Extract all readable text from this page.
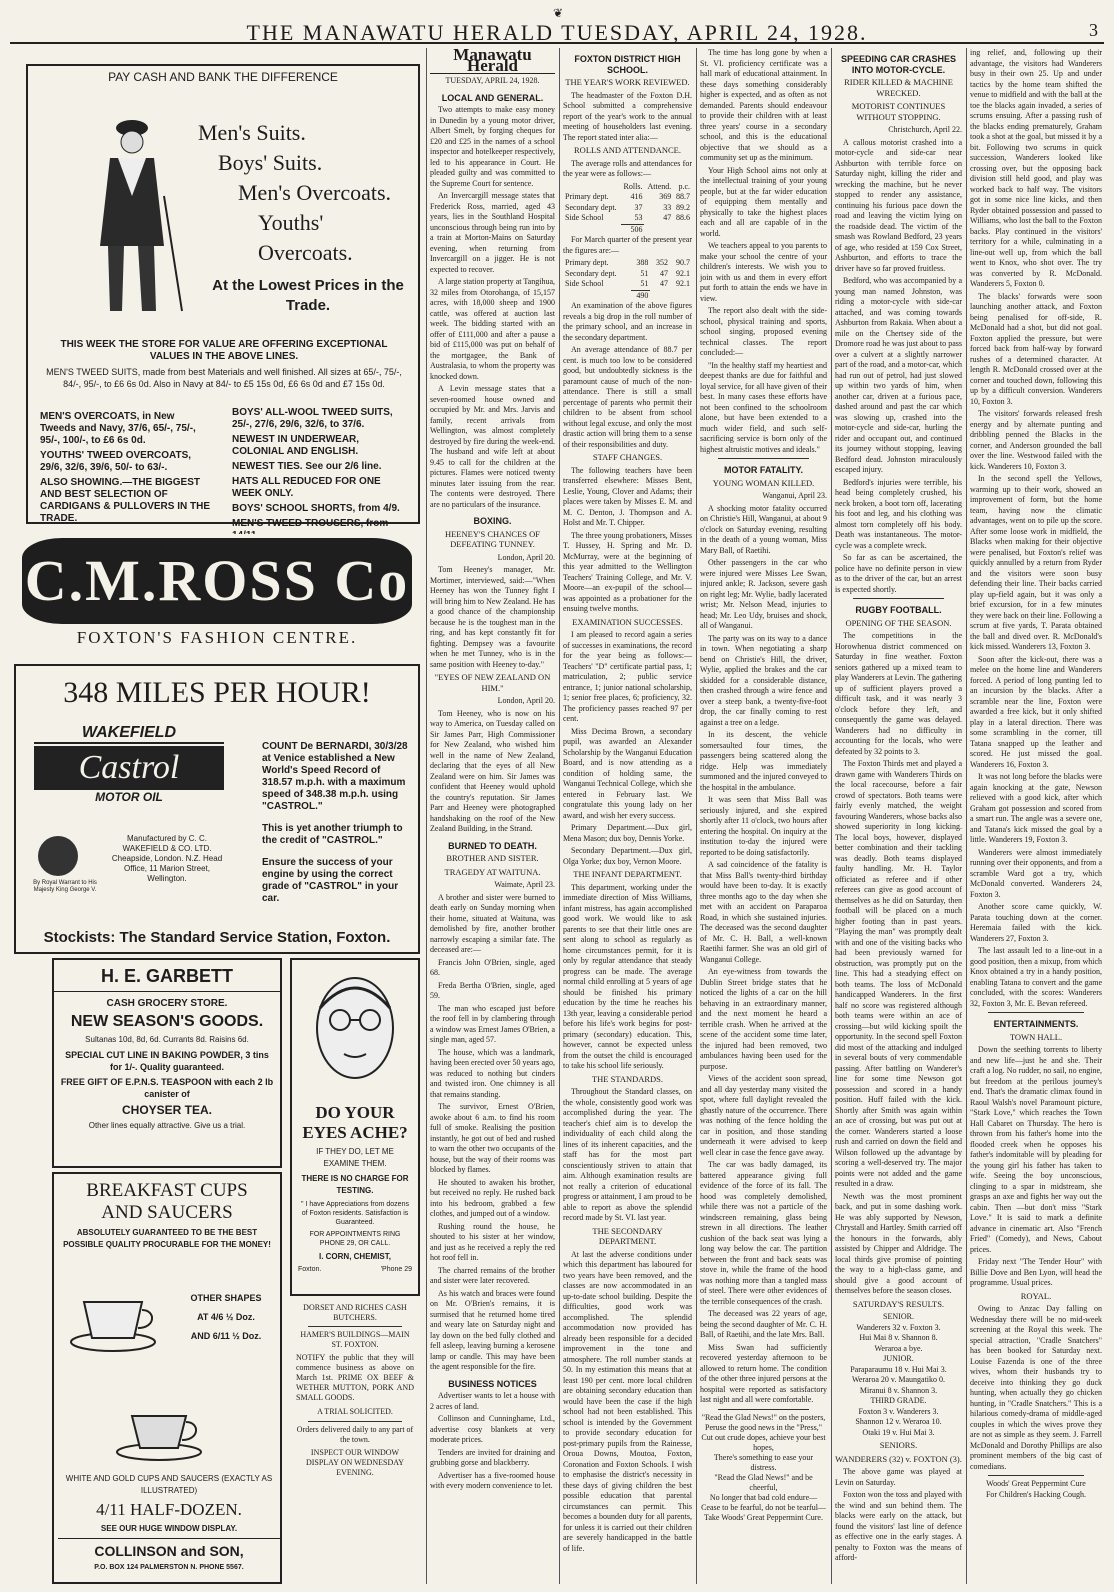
❦
THE MANAWATU HERALD TUESDAY, APRIL 24, 1928.	3
PAY CASH AND BANK THE DIFFERENCE
Men's Suits.
Boys' Suits.
Men's Overcoats.
Youths' Overcoats.
At the Lowest Prices in the Trade.

THIS WEEK THE STORE FOR VALUE ARE OFFERING EXCEPTIONAL VALUES IN THE ABOVE LINES.

MEN'S TWEED SUITS, made from best Materials and well finished. All sizes at 65/-, 75/-, 84/-, 95/-, to £6 6s 0d. Also in Navy at 84/- to £5 15s 0d, £6 6s 0d and £7 15s 0d.

MEN'S OVERCOATS, in New Tweeds and Navy, 37/6, 65/-, 75/-, 95/-, 100/-, to £6 6s 0d.

YOUTHS' TWEED OVERCOATS, 29/6, 32/6, 39/6, 50/- to 63/-.

ALSO SHOWING.—THE BIGGEST AND BEST SELECTION OF CARDIGANS & PULLOVERS IN THE TRADE.

BOYS' ALL-WOOL TWEED SUITS, 25/-, 27/6, 29/6, 32/6, to 37/6.

NEWEST IN UNDERWEAR, COLONIAL AND ENGLISH.

NEWEST TIES. See our 2/6 line.

HATS ALL REDUCED FOR ONE WEEK ONLY.

BOYS' SCHOOL SHORTS, from 4/9.

MEN'S TWEED TROUSERS, from

C.M.ROSS Co
FOXTON'S FASHION CENTRE.
348 MILES PER HOUR!
WAKEFIELD
Castrol
MOTOR OIL
By Royal Warrant to His Majesty King George V.
Manufactured by C. C. WAKEFIELD & CO. LTD. Cheapside, London. N.Z. Head Office, 11 Marion Street, Wellington.

COUNT De BERNARDI, 30/3/28 at Venice established a New World's Speed Record of 318.57 m.p.h. with a maximum speed of 348.38 m.p.h. using "CASTROL."

This is yet another triumph to the credit of "CASTROL."

Ensure the success of your engine by using the correct grade of "CASTROL" in your car.

Stockists: The Standard Service Station, Foxton.
H. E. GARBETT

CASH GROCERY STORE.

NEW SEASON'S GOODS.

Sultanas 10d, 8d, 6d. Currants 8d. Raisins 6d.

SPECIAL CUT LINE IN BAKING POWDER, 3 tins for 1/-. Quality guaranteed.

FREE GIFT OF E.P.N.S. TEASPOON with each 2 lb canister of

CHOYSER TEA.

Other lines equally attractive. Give us a trial.

BREAKFAST CUPS
AND SAUCERS

ABSOLUTELY GUARANTEED TO BE THE BEST POSSIBLE QUALITY PROCURABLE FOR THE MONEY!

OTHER SHAPES
AT 4/6 ½ Doz.
AND 6/11 ½ Doz.

WHITE AND GOLD CUPS AND SAUCERS (EXACTLY AS ILLUSTRATED)

4/11 HALF-DOZEN.

SEE OUR HUGE WINDOW DISPLAY.

COLLINSON and SON,

P.O. BOX 124 PALMERSTON N. PHONE 5567.

DO YOUR EYES ACHE?

IF THEY DO, LET ME EXAMINE THEM.

THERE IS NO CHARGE FOR TESTING.

" I have Appreciations from dozens of Foxton residents. Satisfaction is Guaranteed.

FOR APPOINTMENTS RING PHONE 29, OR CALL.

I. CORN, CHEMIST,

Foxton.	'Phone 29

DORSET AND RICHES CASH BUTCHERS.

HAMER'S BUILDINGS—MAIN ST. FOXTON.

NOTIFY the public that they will commence business as above on March 1st. PRIME OX BEEF & WETHER MUTTON, PORK AND SMALL GOODS.

A TRIAL SOLICITED.

Orders delivered daily to any part of the town.

INSPECT OUR WINDOW DISPLAY ON WEDNESDAY EVENING.

Manawatu Herald
TUESDAY, APRIL 24, 1928.
LOCAL AND GENERAL.

Two attempts to make easy money in Dunedin by a young motor driver, Albert Smelt, by forging cheques for £20 and £25 in the names of a school inspector and hotelkeeper respectively, led to his appearance in Court. He pleaded guilty and was committed to the Supreme Court for sentence.

An Invercargill message states that Frederick Ross, married, aged 43 years, lies in the Southland Hospital unconscious through being run into by a train at Morton-Mains on Saturday evening, when returning from Invercargill on a jigger. He is not expected to recover.

A large station property at Tangihua, 32 miles from Otorohanga, of 15,157 acres, with 18,000 sheep and 1900 cattle, was offered at auction last week. The bidding started with an offer of £111,000 and after a pause a bid of £115,000 was put on behalf of the mortgagee, the Bank of Australasia, to whom the property was knocked down.

A Levin message states that a seven-roomed house owned and occupied by Mr. and Mrs. Jarvis and family, recent arrivals from Wellington, was almost completely destroyed by fire during the week-end. The husband and wife left at about 9.45 to call for the children at the pictures. Flames were noticed twenty minutes later issuing from the rear. The contents were destroyed. There are no particulars of the insurance.

BOXING.
HEENEY'S CHANCES OF DEFEATING TUNNEY.

London, April 20.

Tom Heeney's manager, Mr. Mortimer, interviewed, said:—"When Heeney has won the Tunney fight I will bring him to New Zealand. He has a good chance of the championship because he is the toughest man in the ring, and has kept constantly fit for fighting. Dempsey was a favourite when he met Tunney, who is in the same position with Heeney to-day."

"EYES OF NEW ZEALAND ON HIM."

London, April 20.

Tom Heeney, who is now on his way to America, on Tuesday called on Sir James Parr, High Commissioner for New Zealand, who wished him well in the name of New Zealand, declaring that the eyes of all New Zealand were on him. Sir James was confident that Heeney would uphold the country's reputation. Sir James Parr and Heeney were photographed handshaking on the roof of the New Zealand Building, in the Strand.

BURNED TO DEATH.
BROTHER AND SISTER.
TRAGEDY AT WAITUNA.

Waimate, April 23.

A brother and sister were burned to death early on Sunday morning when their home, situated at Waituna, was demolished by fire, another brother narrowly escaping a similar fate. The deceased are:—

Francis John O'Brien, single, aged 68.

Freda Bertha O'Brien, single, aged 59.

The man who escaped just before the roof fell in by clambering through a window was Ernest James O'Brien, a single man, aged 57.

The house, which was a landmark, having been erected over 50 years ago, was reduced to nothing but cinders and twisted iron. One chimney is all that remains standing.

The survivor, Ernest O'Brien, awoke about 6 a.m. to find his room full of smoke. Realising the position instantly, he got out of bed and rushed to warn the other two occupants of the house, but the way of their rooms was blocked by flames.

He shouted to awaken his brother, but received no reply. He rushed back into his bedroom, grabbed a few clothes, and jumped out of a window.

Rushing round the house, he shouted to his sister at her window, and just as he received a reply the red hot roof fell in.

The charred remains of the brother and sister were later recovered.

As his watch and braces were found on Mr. O'Brien's remains, it is surmised that he returned home tired and weary late on Saturday night and lay down on the bed fully clothed and fell asleep, leaving burning a kerosene lamp or candle. This may have been the agent responsible for the fire.

BUSINESS NOTICES

Advertiser wants to let a house with 2 acres of land.

Collinson and Cunninghame, Ltd., advertise cosy blankets at very moderate prices.

Tenders are invited for draining and grubbing gorse and blackberry.

Advertiser has a five-roomed house with every modern convenience to let.

FOXTON DISTRICT HIGH SCHOOL.
THE YEAR'S WORK REVIEWED.

The headmaster of the Foxton D.H. School submitted a comprehensive report of the year's work to the annual meeting of householders last evening. The report stated inter alia:—

ROLLS AND ATTENDANCE.

The average rolls and attendances for the year were as follows:—

	Rolls.	Attend.	p.c.
Primary dept.	416	369	88.7
Secondary dept.	37	33	89.2
Side School	53	47	88.6
	506		

For March quarter of the present year the figures are:—

Primary dept.	388	352	90.7
Secondary dept.	51	47	92.1
Side School	51	47	92.1
	490		

An examination of the above figures reveals a big drop in the roll number of the primary school, and an increase in the secondary department.

An average attendance of 88.7 per cent. is much too low to be considered good, but undoubtedly sickness is the paramount cause of much of the non-attendance. There is still a small percentage of parents who permit their children to be absent from school without legal excuse, and only the most drastic action will bring them to a sense of their responsibilities and duty.

STAFF CHANGES.

The following teachers have been transferred elsewhere: Misses Bent, Leslie, Young, Clover and Adams; their places were taken by Misses E. M. and M. C. Denton, J. Thompson and A. Holst and Mr. T. Chipper.

The three young probationers, Misses T. Hussey, H. Spring and Mr. D. McMurray, were at the beginning of this year admitted to the Wellington Teachers' Training College, and Mr. V. Moore—an ex-pupil of the school—was appointed as a probationer for the ensuing twelve months.

EXAMINATION SUCCESSES.

I am pleased to record again a series of successes in examinations, the record for the year being as follows:—Teachers' "D" certificate partial pass, 1; matriculation, 2; public service entrance, 1; junior national scholarship, 1; senior free places, 6; proficiency, 32. The proficiency passes reached 97 per cent.

Miss Decima Brown, a secondary pupil, was awarded an Alexander Scholarship by the Wanganui Education Board, and is now attending as a condition of holding same, the Wanganui Technical College, which she entered in February last. We congratulate this young lady on her award, and wish her every success.

Primary Department.—Dux girl, Mena Mason; dux boy, Dennis Yorke.

Secondary Department.—Dux girl, Olga Yorke; dux boy, Vernon Moore.

THE INFANT DEPARTMENT.

This department, working under the immediate direction of Miss Williams, infant mistress, has again accomplished good work. We would like to ask parents to see that their little ones are sent along to school as regularly as home circumstances permit, for it is only by regular attendance that steady progress can be made. The average normal child enrolling at 5 years of age should be finished his primary education by the time he reaches his 13th year, leaving a considerable period before his life's work begins for post-primary (secondary) education. This, however, cannot be expected unless from the outset the child is encouraged to take his school life seriously.

THE STANDARDS.

Throughout the Standard classes, on the whole, consistently good work was accomplished during the year. The teacher's chief aim is to develop the individuality of each child along the lines of its inherent capacities, and the staff has for the most part conscientiously striven to attain that aim. Although examination results are not really a criterion of educational progress or attainment, I am proud to be able to report as above the splendid record made by St. VI. last year.

THE SECONDARY DEPARTMENT.

At last the adverse conditions under which this department has laboured for two years have been removed, and the classes are now accommodated in an up-to-date school building. Despite the difficulties, good work was accomplished. The splendid accommodation now provided has already been responsible for a decided improvement in the tone and atmosphere. The roll number stands at 50. In my estimation this means that at least 190 per cent. more local children are obtaining secondary education than would have been the case if the high school had not been established. This school is intended by the Government to provide secondary education for post-primary pupils from the Rainesse, Oroua Downs, Moutoa, Foxton, Coronation and Foxton Schools. I wish to emphasise the district's necessity in these days of giving children the best possible education that parental circumstances can permit. This becomes a bounden duty for all parents, for unless it is carried out their children are severely handicapped in the battle of life.

The time has long gone by when a St. VI. proficiency certificate was a hall mark of educational attainment. In these days something considerably higher is expected, and as often as not demanded. Parents should endeavour to provide their children with at least three years' course in a secondary school, and this is the educational objective that we should as a community set up as the minimum.

Your High School aims not only at the intellectual training of your young people, but at the far wider education of equipping them mentally and physically to take the highest places each and all are capable of in the world.

We teachers appeal to you parents to make your school the centre of your children's interests. We wish you to join with us and them in every effort put forth to attain the ends we have in view.

The report also dealt with the side-school, physical training and sports, school singing, proposed evening technical classes. The report concluded:—

"In the healthy staff my heartiest and deepest thanks are due for faithful and loyal service, for all have given of their best. In many cases these efforts have not been confined to the schoolroom alone, but have been extended to a much wider field, and such self-sacrificing service is born only of the highest altruistic motives and ideals."

MOTOR FATALITY.
YOUNG WOMAN KILLED.

Wanganui, April 23.

A shocking motor fatality occurred on Christie's Hill, Wanganui, at about 9 o'clock on Saturday evening, resulting in the death of a young woman, Miss Mary Ball, of Raetihi.

Other passengers in the car who were injured were Misses Lee Swan, injured ankle; R. Jackson, severe gash on right leg; Mr. Wylie, badly lacerated wrist; Mr. Nelson Mead, injuries to head; Mr. Leo Udy, bruises and shock, all of Wanganui.

The party was on its way to a dance in town. When negotiating a sharp bend on Christie's Hill, the driver, Wylie, applied the brakes and the car skidded for a considerable distance, then crashed through a wire fence and over a steep bank, a twenty-five-foot drop, the car finally coming to rest against a tree on a ledge.

In its descent, the vehicle somersaulted four times, the passengers being scattered along the ridge. Help was immediately summoned and the injured conveyed to the hospital in the ambulance.

It was seen that Miss Ball was seriously injured, and she expired shortly after 11 o'clock, two hours after entering the hospital. On inquiry at the institution to-day the injured were reported to be doing satisfactorily.

A sad coincidence of the fatality is that Miss Ball's twenty-third birthday would have been to-day. It is exactly three months ago to the day when she met with an accident on Paraparoa Road, in which she sustained injuries. The deceased was the second daughter of Mr. C. H. Ball, a well-known Raetihi farmer. She was an old girl of Wanganui College.

An eye-witness from towards the Dublin Street bridge states that he noticed the lights of a car on the hill behaving in an extraordinary manner, and the next moment he heard a terrible crash. When he arrived at the scene of the accident some time later, the injured had been removed, two ambulances having been used for the purpose.

Views of the accident soon spread, and all day yesterday many visited the spot, where full daylight revealed the ghastly nature of the occurrence. There was nothing of the fence holding the car in position, and those standing underneath it were advised to keep well clear in case the fence gave away.

The car was badly damaged, its battered appearance giving full evidence of the force of its fall. The hood was completely demolished, while there was not a particle of the windscreen remaining, glass being strewn in all directions. The leather cushion of the back seat was lying a long way below the car. The partition between the front and back seats was stove in, while the frame of the hood was nothing more than a tangled mass of steel. There were other evidences of the terrible consequences of the crash.

The deceased was 22 years of age, being the second daughter of Mr. C. H. Ball, of Raetihi, and the late Mrs. Ball.

Miss Swan had sufficiently recovered yesterday afternoon to be allowed to return home. The condition of the other three injured persons at the hospital were reported as satisfactory last night and all were comfortable.

"Read the Glad News!" on the posters,
Peruse the good news in the "Press,"
Cut out crude dopes, achieve your best hopes,
There's something to ease your distress.
"Read the Glad News!" and be cheerful,
No longer that bad cold endure—
Cease to be fearful, do not be tearful—
Take Woods' Great Peppermint Cure.
SPEEDING CAR CRASHES INTO MOTOR-CYCLE.
RIDER KILLED & MACHINE WRECKED.
MOTORIST CONTINUES WITHOUT STOPPING.

Christchurch, April 22.

A callous motorist crashed into a motor-cycle and side-car near Ashburton with terrible force on Saturday night, killing the rider and wrecking the machine, but he never stopped to render any assistance, continuing his furious pace down the road and leaving the victim lying on the roadside dead. The victim of the smash was Rowland Bedford, 23 years of age, who resided at 159 Cox Street, Ashburton, and efforts to trace the driver have so far proved fruitless.

Bedford, who was accompanied by a young man named Johnston, was riding a motor-cycle with side-car attached, and was coming towards Ashburton from Rakaia. When about a mile on the Chertsey side of the Dromore road he was just about to pass over a culvert at a slightly narrower part of the road, and a motor-car, which had run out of petrol, had just slowed up within two yards of him, when another car, driven at a furious pace, dashed around and past the car which was slowing up, crashed into the motor-cycle and side-car, hurling the rider and occupant out, and continued its journey without stopping, leaving Bedford dead. Johnston miraculously escaped injury.

Bedford's injuries were terrible, his head being completely crushed, his neck broken, a boot torn off, lacerating his foot and leg, and his clothing was almost torn completely off his body. Death was instantaneous. The motor-cycle was a complete wreck.

So far as can be ascertained, the police have no definite person in view as to the driver of the car, but an arrest is expected shortly.

RUGBY FOOTBALL.
OPENING OF THE SEASON.

The competitions in the Horowhenua district commenced on Saturday in fine weather. Foxton seniors gathered up a mixed team to play Wanderers at Levin. The gathering up of sufficient players proved a difficult task, and it was nearly 3 o'clock before they left, and consequently the game was delayed. Wanderers had no difficulty in accounting for the locals, who were defeated by 32 points to 3.

The Foxton Thirds met and played a drawn game with Wanderers Thirds on the local racecourse, before a fair crowd of spectators. Both teams were fairly evenly matched, the weight favouring Wanderers, whose backs also showed superiority in long kicking. The local boys, however, displayed better combination and their tackling was deadly. Both teams displayed faulty handling. Mr. H. Taylor officiated as referee and if other referees can give as good account of themselves as he did on Saturday, then football will be placed on a much higher footing than in past years. "Playing the man" was promptly dealt with and one of the visiting backs who had been previously warned for obstruction, was promptly put on the line. This had a steadying effect on both teams. The loss of McDonald handicapped Wanderers. In the first half no score was registered although both teams were within an ace of crossing—but wild kicking spoilt the opportunity. In the second spell Foxton did most of the attacking and indulged in several bouts of very commendable passing. After battling on Wanderer's line for some time Newson got possession and scored in a handy position. Huff failed with the kick. Shortly after Smith was again within an ace of crossing, but was put out at the corner. Wanderers started a loose rush and carried on down the field and Wilson followed up the advantage by scoring a well-deserved try. The major points were not added and the game resulted in a draw.

Newth was the most prominent back, and put in some dashing work. He was ably supported by Newson, Chrystall and Hartley. Smith carried off the honours in the forwards, ably assisted by Chipper and Aldridge. The local thirds give promise of pointing the way to a high-class game, and should give a good account of themselves before the season closes.

SATURDAY'S RESULTS.
SENIOR.
Wanderers 32 v. Foxton 3.
Hui Mai 8 v. Shannon 8.
Weraroa a bye.
JUNIOR.
Paraparaumu 18 v. Hui Mai 3.
Weraroa 20 v. Maungatiko 0.
Miranui 8 v. Shannon 3.
THIRD GRADE.
Foxton 3 v. Wanderers 3.
Shannon 12 v. Weraroa 10.
Otaki 19 v. Hui Mai 3.
SENIORS.
WANDERERS (32) v. FOXTON (3).

The above game was played at Levin on Saturday.

Foxton won the toss and played with the wind and sun behind them. The blacks were early on the attack, but found the visitors' last line of defence as effective one in the early stages. A penalty to Foxton was the means of afford-

ing relief, and, following up their advantage, the visitors had Wanderers busy in their own 25. Up and under tactics by the home team shifted the venue to midfield and with the ball at the toe the blacks again invaded, a series of scrums ensuing. After a passing rush of the blacks ending prematurely, Graham took a shot at the goal, but missed it by a bit. Following two scrums in quick succession, Wanderers looked like crossing over, but the opposing back division still held good, and play was worked back to half way. The visitors got in some nice line kicks, and then Ryder obtained possession and passed to Williams, who lost the ball to the Foxton backs. Play continued in the visitors' territory for a while, culminating in a line-out well up, from which the ball went to Knox, who shot over. The try was converted by R. McDonald. Wanderers 5, Foxton 0.

The blacks' forwards were soon launching another attack, and Foxton being penalised for off-side, R. McDonald had a shot, but did not goal. Foxton applied the pressure, but were forced back from half-way by forward rushes of a determined character. At length R. McDonald crossed over at the corner and touched down, following this up by a difficult conversion. Wanderers 10, Foxton 3.

The visitors' forwards released fresh energy and by alternate punting and dribbling penned the Blacks in the corner, and Anderson grounded the ball over the line. Westwood failed with the kick. Wanderers 10, Foxton 3.

In the second spell the Yellows, warming up to their work, showed an improvement of form, but the home team, having now the climatic advantages, went on to pile up the score. After some loose work in midfield, the Blacks when making for their objective were penalised, but Foxton's relief was quickly annulled by a return from Ryder and the visitors were soon busy defending their line. Their backs carried play up-field again, but it was only a brief excursion, for in a few minutes they were back on their line. Following a scrum at five yards, T. Parata obtained the ball and dived over. R. McDonald's kick missed. Wanderers 13, Foxton 3.

Soon after the kick-out, there was a melee on the home line and Wanderers forced. A period of long punting led to an incursion by the blacks. After a scramble near the line, Foxton were awarded a free kick, but it only shifted play in a lateral direction. There was some scrambling in the corner, till Tatana snapped up the leather and scored. He just missed the goal. Wanderers 16, Foxton 3.

It was not long before the blacks were again knocking at the gate, Newson relieved with a good kick, after which Graham got possession and scored from a smart run. The angle was a severe one, and Tatana's kick missed the goal by a little. Wanderers 19, Foxton 3.

Wanderers were almost immediately running over their opponents, and from a scramble Ward got a try, which McDonald converted. Wanderers 24, Foxton 3.

Another score came quickly, W. Parata touching down at the corner. Heremaia failed with the kick. Wanderers 27, Foxton 3.

The last assault led to a line-out in a good position, then a mixup, from which Knox obtained a try in a handy position, enabling Tatana to convert and the game concluded, with the scores: Wanderers 32, Foxton 3, Mr. E. Bevan refereed.

ENTERTAINMENTS.
TOWN HALL.

Down the seething torrents to liberty and new life—just he and she. Their craft a log. No rudder, no sail, no engine, but freedom at the perilous journey's end. That's the dramatic climax found in Raoul Walsh's novel Paramount picture, "Stark Love," which reaches the Town Hall Cabaret on Thursday. The hero is thrown from his father's home into the flooded creek when he opposes his father's indomitable will by pleading for the young girl his father has taken to wife. Seeing the boy unconscious, clinging to a spar in midstream, she grasps an axe and fights her way out the cabin. Then —but don't miss "Stark Love." It is said to mark a definite advance in cinematic art. Also "French Fried" (Comedy), and News, Cabout prices.

Friday next "The Tender Hour" with Billie Dove and Ben Lyon, will head the programme. Usual prices.

ROYAL.

Owing to Anzac Day falling on Wednesday there will be no mid-week screening at the Royal this week. The special attraction, "Cradle Snatchers" has been booked for Saturday next. Louise Fazenda is one of the three wives, whom their husbands try to deceive into thinking they go duck hunting, when actually they go chicken hunting, in "Cradle Snatchers." This is a hilarious comedy-drama of middle-aged couples in which the wives prove they are not as simple as they seem. J. Farrell McDonald and Dorothy Phillips are also prominent members of the big cast of comedians.

Woods' Great Peppermint Cure
For Children's Hacking Cough.
